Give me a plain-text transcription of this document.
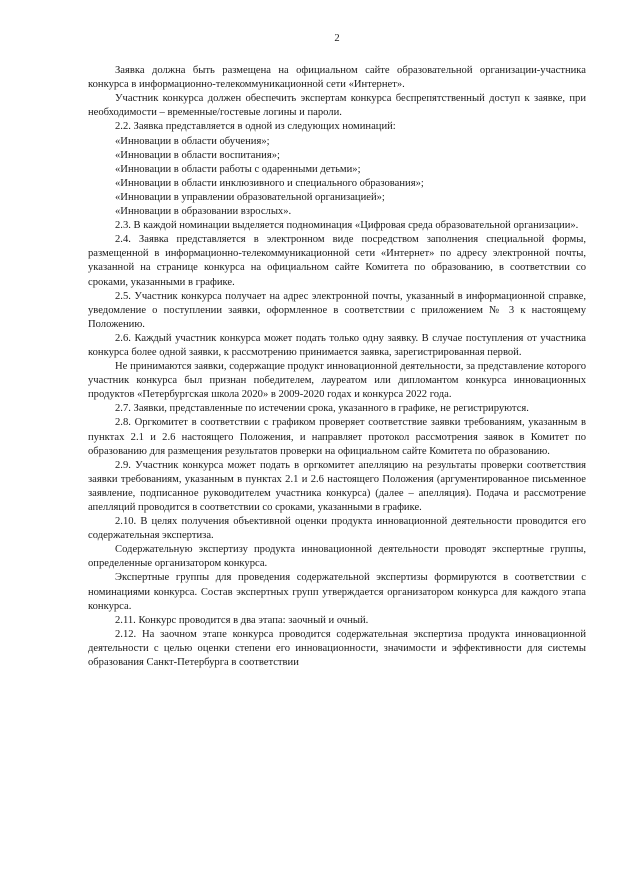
2

Заявка должна быть размещена на официальном сайте образовательной организации-участника конкурса в информационно-телекоммуникационной сети «Интернет».

Участник конкурса должен обеспечить экспертам конкурса беспрепятственный доступ к заявке, при необходимости – временные/гостевые логины и пароли.

2.2. Заявка представляется в одной из следующих номинаций:

«Инновации в области обучения»;

«Инновации в области воспитания»;

«Инновации в области работы с одаренными детьми»;

«Инновации в области инклюзивного и специального образования»;

«Инновации в управлении образовательной организацией»;

«Инновации в образовании взрослых».

2.3. В каждой номинации выделяется подноминация «Цифровая среда образовательной организации».

2.4. Заявка представляется в электронном виде посредством заполнения специальной формы, размещенной в информационно-телекоммуникационной сети «Интернет» по адресу электронной почты, указанной на странице конкурса на официальном сайте Комитета по образованию, в соответствии со сроками, указанными в графике.

2.5. Участник конкурса получает на адрес электронной почты, указанный в информационной справке, уведомление о поступлении заявки, оформленное в соответствии с приложением № 3 к настоящему Положению.

2.6. Каждый участник конкурса может подать только одну заявку. В случае поступления от участника конкурса более одной заявки, к рассмотрению принимается заявка, зарегистрированная первой.

Не принимаются заявки, содержащие продукт инновационной деятельности, за представление которого участник конкурса был признан победителем, лауреатом или дипломантом конкурса инновационных продуктов «Петербургская школа 2020» в 2009-2020 годах и конкурса 2022 года.

2.7. Заявки, представленные по истечении срока, указанного в графике, не регистрируются.

2.8. Оргкомитет в соответствии с графиком проверяет соответствие заявки требованиям, указанным в пунктах 2.1 и 2.6 настоящего Положения, и направляет протокол рассмотрения заявок в Комитет по образованию для размещения результатов проверки на официальном сайте Комитета по образованию.

2.9. Участник конкурса может подать в оргкомитет апелляцию на результаты проверки соответствия заявки требованиям, указанным в пунктах 2.1 и 2.6 настоящего Положения (аргументированное письменное заявление, подписанное руководителем участника конкурса) (далее – апелляция). Подача и рассмотрение апелляций проводится в соответствии со сроками, указанными в графике.

2.10. В целях получения объективной оценки продукта инновационной деятельности проводится его содержательная экспертиза.

Содержательную экспертизу продукта инновационной деятельности проводят экспертные группы, определенные организатором конкурса.

Экспертные группы для проведения содержательной экспертизы формируются в соответствии с номинациями конкурса. Состав экспертных групп утверждается организатором конкурса для каждого этапа конкурса.

2.11. Конкурс проводится в два этапа: заочный и очный.

2.12. На заочном этапе конкурса проводится содержательная экспертиза продукта инновационной деятельности с целью оценки степени его инновационности, значимости и эффективности для системы образования Санкт-Петербурга в соответствии
